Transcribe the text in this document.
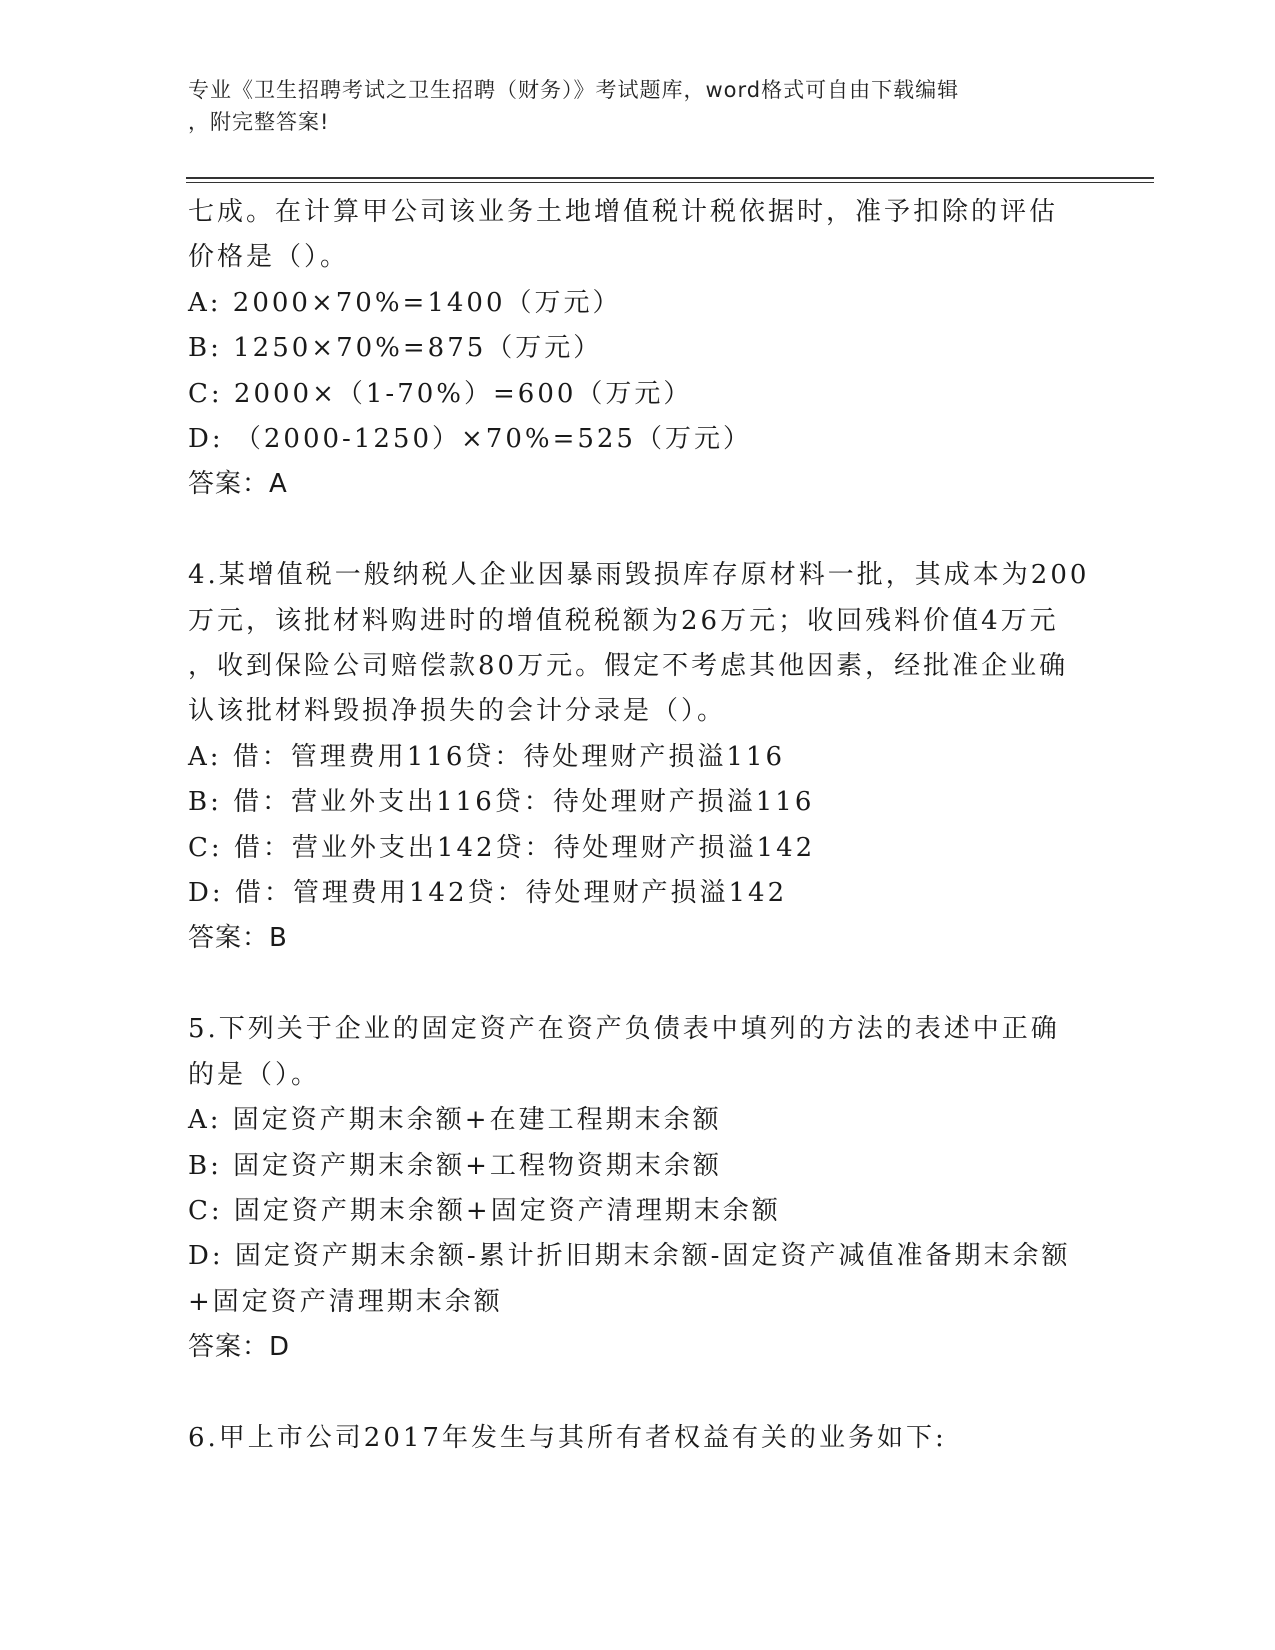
专业《卫生招聘考试之卫生招聘（财务）》考试题库，word格式可自由下载编辑
，附完整答案!
七成。在计算甲公司该业务土地增值税计税依据时，准予扣除的评估
价格是（）。
A: 2000×70%=1400（万元）
B: 1250×70%=875（万元）
C: 2000×（1-70%）=600（万元）
D: （2000-1250）×70%=525（万元）
答案：A
4.某增值税一般纳税人企业因暴雨毁损库存原材料一批，其成本为200
万元，该批材料购进时的增值税税额为26万元；收回残料价值4万元
，收到保险公司赔偿款80万元。假定不考虑其他因素，经批准企业确
认该批材料毁损净损失的会计分录是（）。
A: 借：管理费用116贷：待处理财产损溢116
B: 借：营业外支出116贷：待处理财产损溢116
C: 借：营业外支出142贷：待处理财产损溢142
D: 借：管理费用142贷：待处理财产损溢142
答案：B
5.下列关于企业的固定资产在资产负债表中填列的方法的表述中正确
的是（）。
A: 固定资产期末余额+在建工程期末余额
B: 固定资产期末余额+工程物资期末余额
C: 固定资产期末余额+固定资产清理期末余额
D: 固定资产期末余额-累计折旧期末余额-固定资产减值准备期末余额
+固定资产清理期末余额
答案：D
6.甲上市公司2017年发生与其所有者权益有关的业务如下:
